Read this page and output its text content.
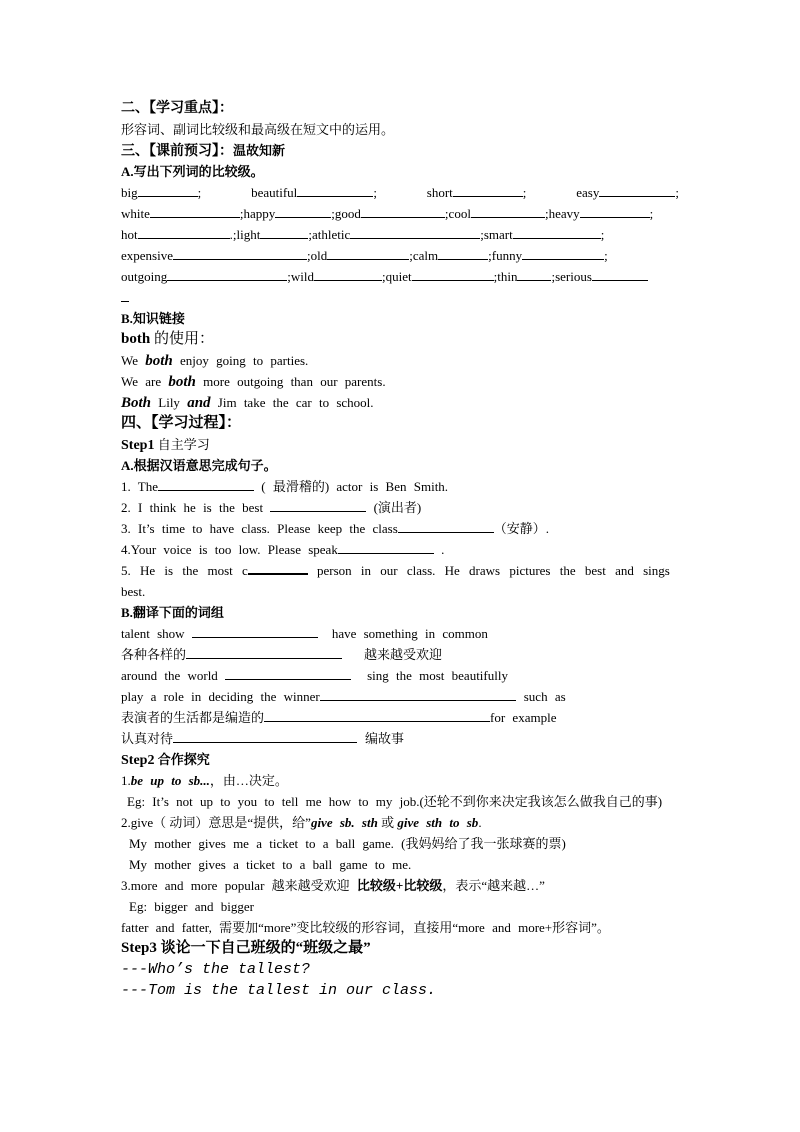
二、【学习重点】：
形容词、副词比较级和最高级在短文中的运用。
三、【课前预习】：温故知新
A.写出下列词的比较级。
big	;	beautiful	;	short	;	easy	;
white	;happy	;good	;cool	;heavy	;
hot	.;light	;athletic	;smart	;
expensive	;old	;calm	;funny	;
outgoing	;wild	;quiet	;thin	;serious
B.知识链接
both 的使用：
We both enjoy going to parties.
We are both more outgoing than our parents.
Both Lily and Jim take the car to school.
四、【学习过程】：
Step1 自主学习
A.根据汉语意思完成句子。
1. The	( 最滑稽的) actor is Ben Smith.
2. I think he is the best	(演出者)
3. It’s time to have class. Please keep the class	（安静）.
4.Your voice is too low. Please speak	.
5. He is the most c	person in our class. He draws pictures the best and sings best.
B.翻译下面的词组
talent show	have something in common
各种各样的	越来越受欢迎
around the world	sing the most beautifully
play a role in deciding the winner	such as
表演者的生活都是编造的	for example
认真对待	编故事
Step2 合作探究
1.be up to sb...，由…决定。
Eg: It’s not up to you to tell me how to my job.(还轮不到你来决定我该怎么做我自己的事)
2.give（ 动词）意思是“提供，给”give sb. sth 或 give sth to sb.
My mother gives me a ticket to a ball game. (我妈妈给了我一张球赛的票)
My mother gives a ticket to a ball game to me.
3.more and more popular 越来越受欢迎 比较级+比较级，表示“越来越…”
Eg: bigger and bigger
fatter and fatter, 需要加“more”变比较级的形容词，直接用“more and more+形容词”。
Step3 谈论一下自己班级的“班级之最”
---Who’s the tallest?
---Tom is the tallest in our class.
